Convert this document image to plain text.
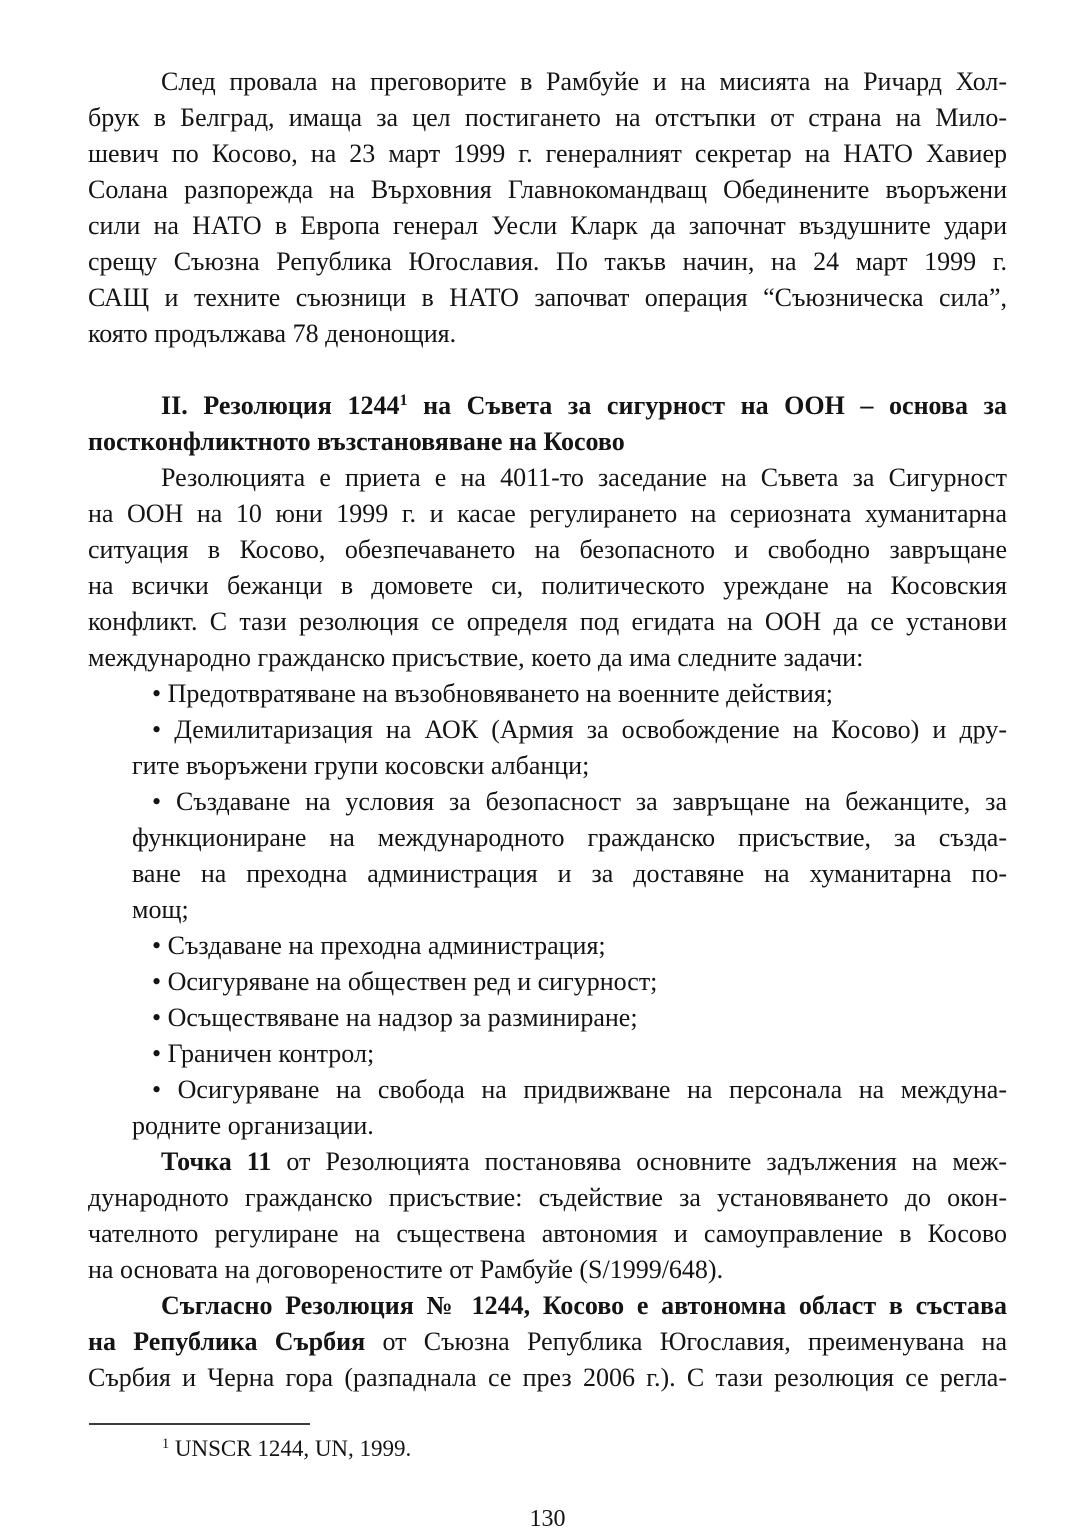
След провала на преговорите в Рамбуйе и на мисията на Ричард Хол-
брук в Белград, имаща за цел постигането на отстъпки от страна на Мило-
шевич по Косово, на 23 март 1999 г. генералният секретар на НАТО Хавиер
Солана разпорежда на Върховния Главнокомандващ Обединените въоръжени
сили на НАТО в Европа генерал Уесли Кларк да започнат въздушните удари
срещу Съюзна Република Югославия. По такъв начин, на 24 март 1999 г.
САЩ и техните съюзници в НАТО започват операция “Съюзническа сила”,
която продължава 78 денонощия.
II. Резолюция 1244$^1$ на Съвета за сигурност на ООН – основа за
постконфликтното възстановяване на Косово
Резолюцията е приета е на 4011-то заседание на Съвета за Сигурност
на ООН на 10 юни 1999 г. и касае регулирането на сериозната хуманитарна
ситуация в Косово, обезпечаването на безопасното и свободно завръщане
на всички бежанци в домовете си, политическото уреждане на Косовския
конфликт. С тази резолюция се определя под егидата на ООН да се установи
международно гражданско присъствие, което да има следните задачи:
• Предотвратяване на възобновяването на военните действия;
• Демилитаризация на АОК (Армия за освобождение на Косово) и дру-
гите въоръжени групи косовски албанци;
• Създаване на условия за безопасност за завръщане на бежанците, за
функциониране на международното гражданско присъствие, за създа-
ване на преходна администрация и за доставяне на хуманитарна по-
мощ;
• Създаване на преходна администрация;
• Осигуряване на обществен ред и сигурност;
• Осъществяване на надзор за разминиране;
• Граничен контрол;
• Осигуряване на свобода на придвижване на персонала на междуна-
родните организации.
Точка 11 от Резолюцията постановява основните задължения на меж-
дународното гражданско присъствие: съдействие за установяването до окон-
чателното регулиране на съществена автономия и самоуправление в Косово
на основата на договореностите от Рамбуйе (S/1999/648).
Съгласно Резолюция № 1244, Косово е автономна област в състава
на Република Сърбия от Съюзна Република Югославия, преименувана на
Сърбия и Черна гора (разпаднала се през 2006 г.). С тази резолюция се регла-
$^1$ UNSCR 1244, UN, 1999.
130
